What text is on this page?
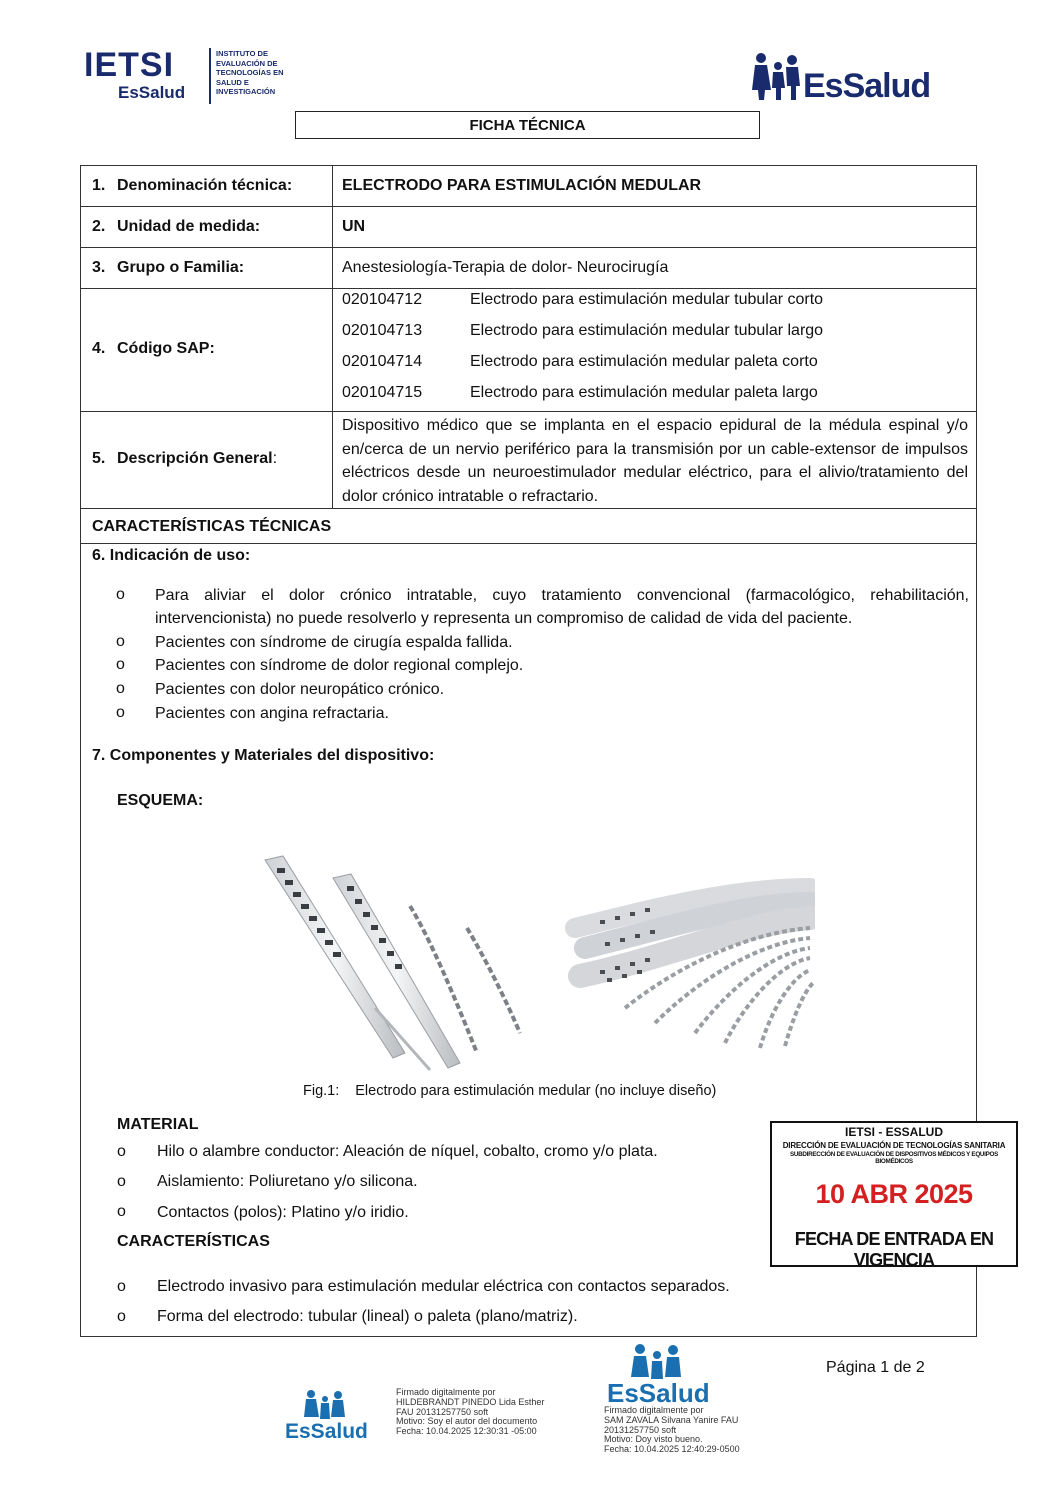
IETSI
EsSalud
INSTITUTO DE
EVALUACIÓN DE
TECNOLOGÍAS EN
SALUD E
INVESTIGACIÓN	EsSalud
FICHA TÉCNICA
1. Denominación técnica:	ELECTRODO PARA ESTIMULACIÓN MEDULAR
2. Unidad de medida:	UN
3. Grupo o Familia:	Anestesiología-Terapia de dolor- Neurocirugía
4. Código SAP:
020104712	Electrodo para estimulación medular tubular corto
020104713	Electrodo para estimulación medular tubular largo
020104714	Electrodo para estimulación medular paleta corto
020104715	Electrodo para estimulación medular paleta largo
5. Descripción General:
Dispositivo médico que se implanta en el espacio epidural de la médula espinal y/o en/cerca de un nervio periférico para la transmisión por un cable-extensor de impulsos eléctricos desde un neuroestimulador medular eléctrico, para el alivio/tratamiento del dolor crónico intratable o refractario.
CARACTERÍSTICAS TÉCNICAS
6. Indicación de uso:
o Para aliviar el dolor crónico intratable, cuyo tratamiento convencional (farmacológico, rehabilitación, intervencionista) no puede resolverlo y representa un compromiso de calidad de vida del paciente.
o Pacientes con síndrome de cirugía espalda fallida.
o Pacientes con síndrome de dolor regional complejo.
o Pacientes con dolor neuropático crónico.
o Pacientes con angina refractaria.
7. Componentes y Materiales del dispositivo:
ESQUEMA:
Fig.1: Electrodo para estimulación medular (no incluye diseño)
MATERIAL
o Hilo o alambre conductor: Aleación de níquel, cobalto, cromo y/o plata.
o Aislamiento: Poliuretano y/o silicona.
o Contactos (polos): Platino y/o iridio.
CARACTERÍSTICAS
o Electrodo invasivo para estimulación medular eléctrica con contactos separados.
o Forma del electrodo: tubular (lineal) o paleta (plano/matriz).
IETSI - ESSALUD
DIRECCIÓN DE EVALUACIÓN DE TECNOLOGÍAS SANITARIA
SUBDIRECCIÓN DE EVALUACIÓN DE DISPOSITIVOS MÉDICOS Y EQUIPOS BIOMÉDICOS
10 ABR 2025
FECHA DE ENTRADA EN VIGENCIA
Página 1 de 2
EsSalud
Firmado digitalmente por
HILDEBRANDT PINEDO Lida Esther
FAU 20131257750 soft
Motivo: Soy el autor del documento
Fecha: 10.04.2025 12:30:31 -05:00
EsSalud
Firmado digitalmente por
SAM ZAVALA Silvana Yanire FAU
20131257750 soft
Motivo: Doy visto bueno.
Fecha: 10.04.2025 12:40:29-0500
